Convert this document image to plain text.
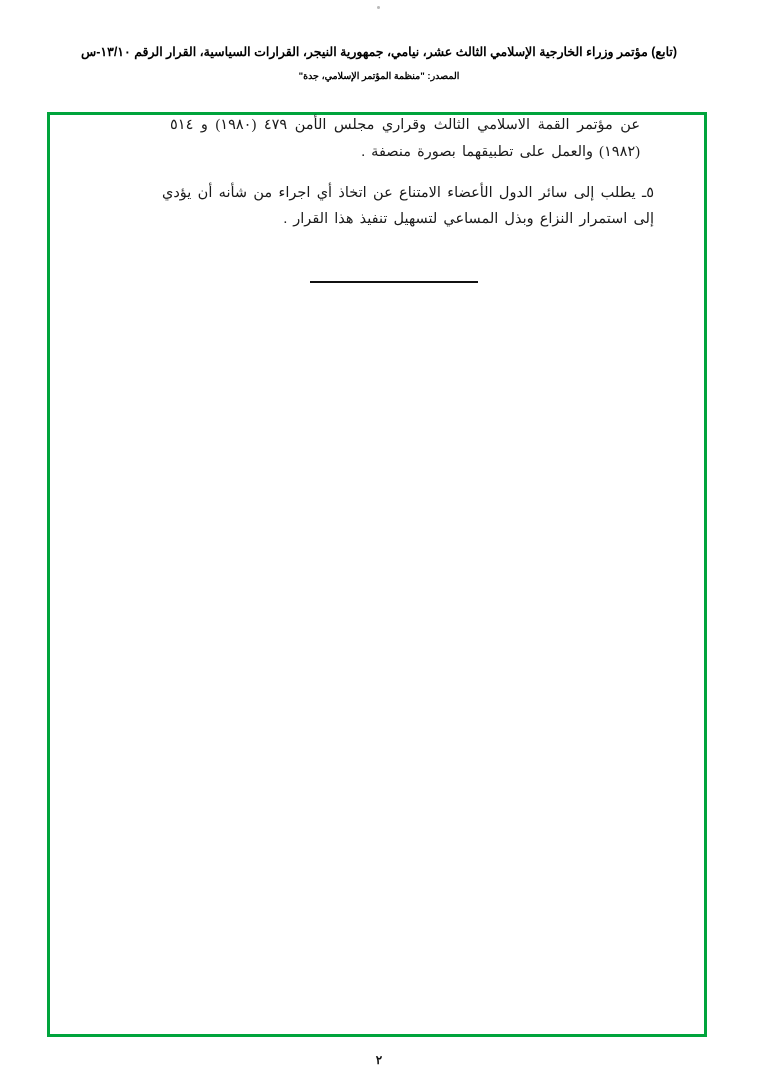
(تابع) مؤتمر وزراء الخارجية الإسلامي الثالث عشر، نيامي، جمهورية النيجر، القرارات السياسية، القرار الرقم ١٣/١٠-س
المصدر: "منظمة المؤتمر الإسلامي، جدة"

عن مؤتمر القمة الاسلامي الثالث وقراري مجلس الأمن ٤٧٩ (١٩٨٠) و ٥١٤ (١٩٨٢) والعمل على تطبيقهما بصورة منصفة .

٥ـ يطلب إلى سائر الدول الأعضاء الامتناع عن اتخاذ أي اجراء من شأنه أن يؤدي إلى استمرار النزاع وبذل المساعي لتسهيل تنفيذ هذا القرار .

٢
